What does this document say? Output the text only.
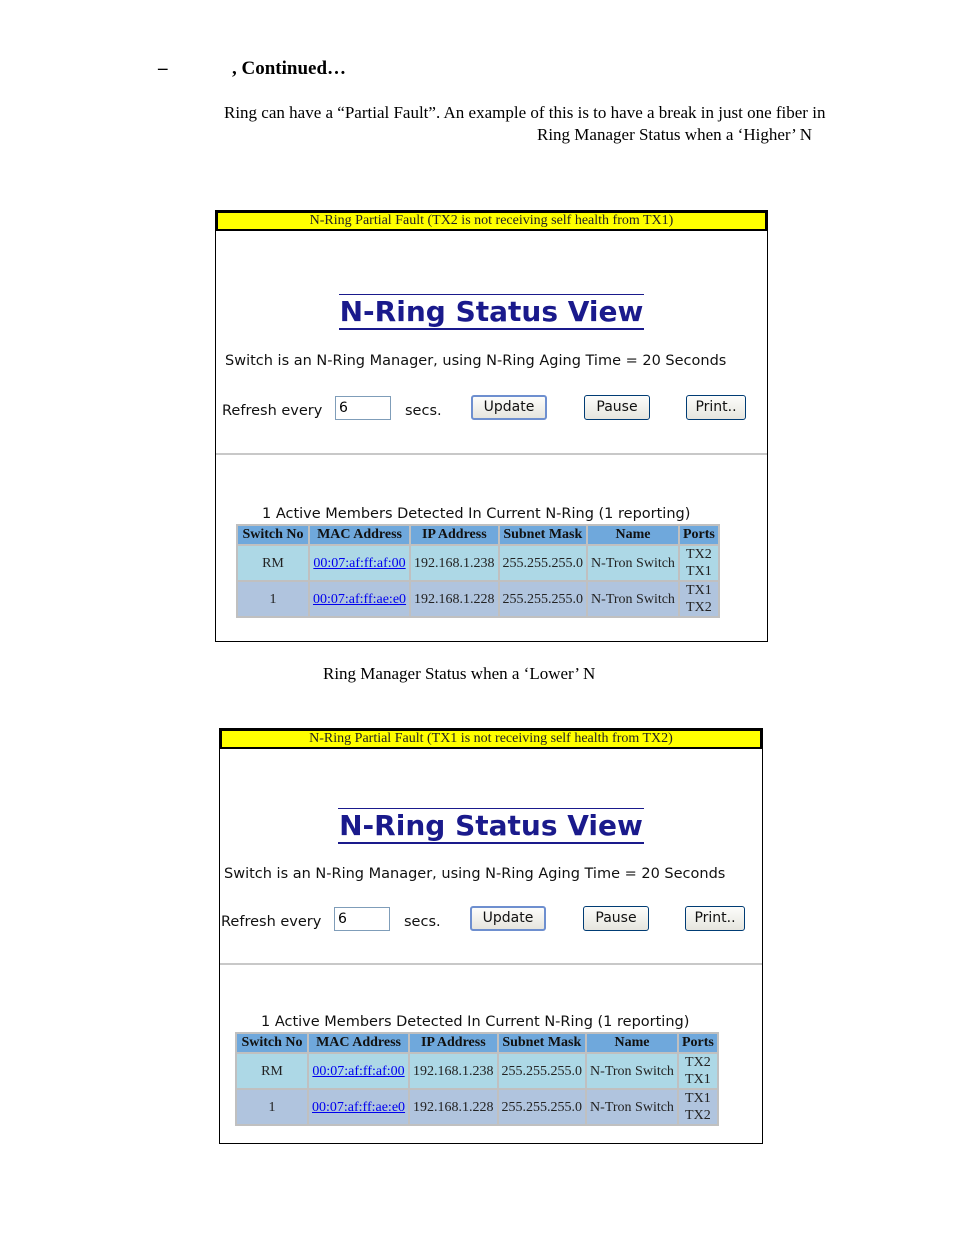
–	, Continued…
Ring can have a “Partial Fault”. An example of this is to have a break in just one fiber in
Ring Manager Status when a ‘Higher’ N
N-Ring Partial Fault (TX2 is not receiving self health from TX1)
N-Ring Status View
Switch is an N-Ring Manager, using N-Ring Aging Time = 20 Seconds
Refresh every
6	secs.	Update	Pause	Print..
1 Active Members Detected In Current N-Ring (1 reporting)
Switch No	MAC Address	IP Address	Subnet Mask	Name	Ports
RM	00:07:af:ff:af:00	192.168.1.238	255.255.255.0	N-Tron Switch	TX2
TX1
1	00:07:af:ff:ae:e0	192.168.1.228	255.255.255.0	N-Tron Switch	TX1
TX2
Ring Manager Status when a ‘Lower’ N
N-Ring Partial Fault (TX1 is not receiving self health from TX2)
N-Ring Status View
Switch is an N-Ring Manager, using N-Ring Aging Time = 20 Seconds
Refresh every
6	secs.	Update	Pause	Print..
1 Active Members Detected In Current N-Ring (1 reporting)
Switch No	MAC Address	IP Address	Subnet Mask	Name	Ports
RM	00:07:af:ff:af:00	192.168.1.238	255.255.255.0	N-Tron Switch	TX2
TX1
1	00:07:af:ff:ae:e0	192.168.1.228	255.255.255.0	N-Tron Switch	TX1
TX2
